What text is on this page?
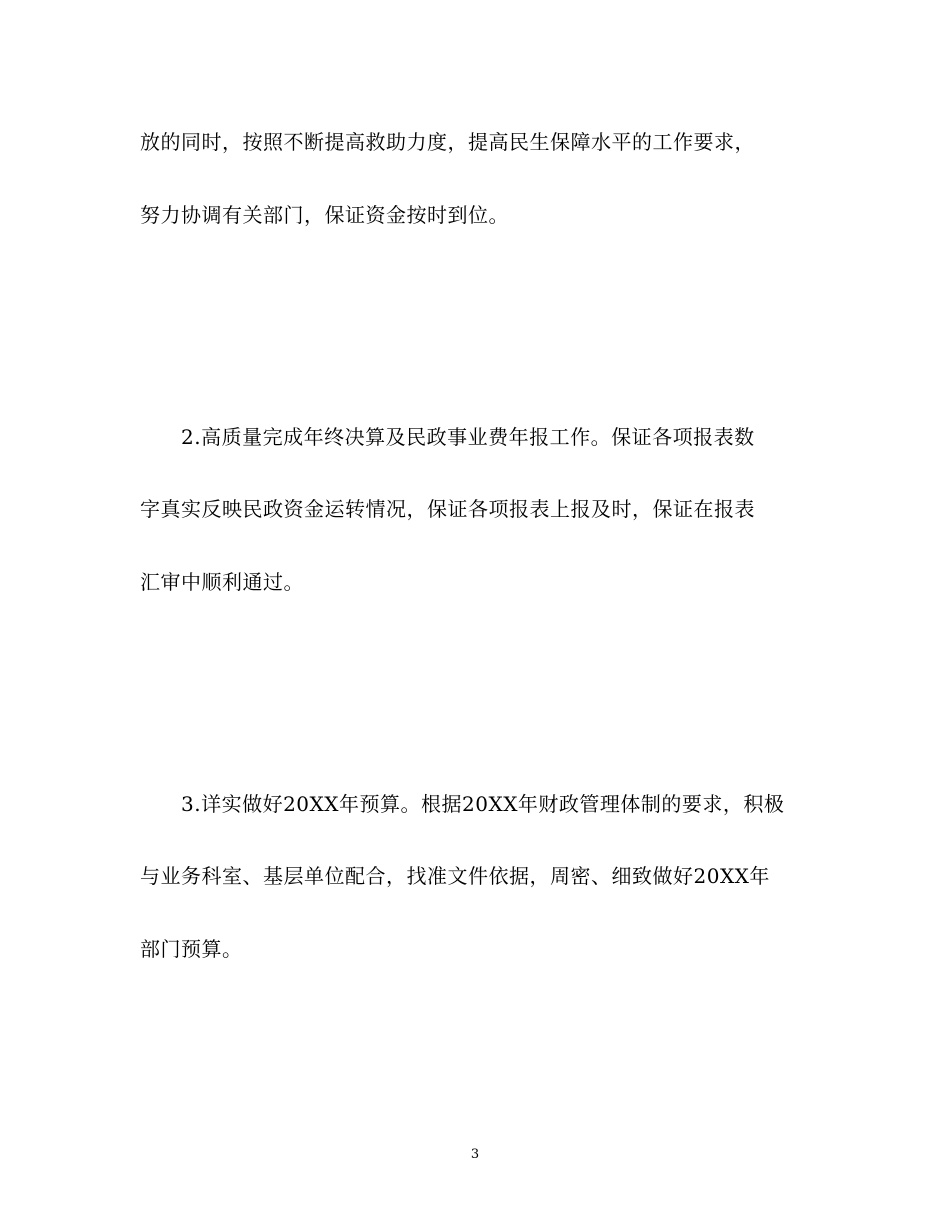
放的同时，按照不断提高救助力度，提高民生保障水平的工作要求，
努力协调有关部门，保证资金按时到位。
2.高质量完成年终决算及民政事业费年报工作。保证各项报表数
字真实反映民政资金运转情况，保证各项报表上报及时，保证在报表
汇审中顺利通过。
3.详实做好20XX年预算。根据20XX年财政管理体制的要求，积极
与业务科室、基层单位配合，找准文件依据，周密、细致做好20XX年
部门预算。
3
